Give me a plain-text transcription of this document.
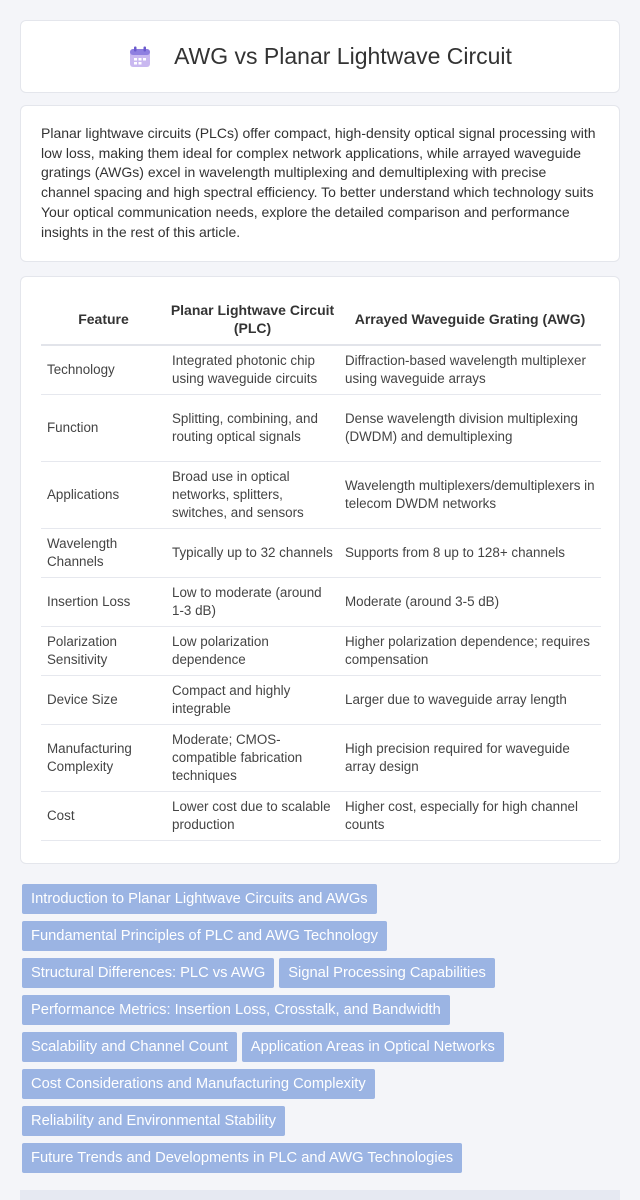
AWG vs Planar Lightwave Circuit

Planar lightwave circuits (PLCs) offer compact, high-density optical signal processing with low loss, making them ideal for complex network applications, while arrayed waveguide gratings (AWGs) excel in wavelength multiplexing and demultiplexing with precise channel spacing and high spectral efficiency. To better understand which technology suits Your optical communication needs, explore the detailed comparison and performance insights in the rest of this article.

Feature	Planar Lightwave Circuit (PLC)	Arrayed Waveguide Grating (AWG)
Technology	Integrated photonic chip using waveguide circuits	Diffraction-based wavelength multiplexer using waveguide arrays
Function	Splitting, combining, and routing optical signals	Dense wavelength division multiplexing (DWDM) and demultiplexing
Applications	Broad use in optical networks, splitters, switches, and sensors	Wavelength multiplexers/demultiplexers in telecom DWDM networks
Wavelength Channels	Typically up to 32 channels	Supports from 8 up to 128+ channels
Insertion Loss	Low to moderate (around 1-3 dB)	Moderate (around 3-5 dB)
Polarization Sensitivity	Low polarization dependence	Higher polarization dependence; requires compensation
Device Size	Compact and highly integrable	Larger due to waveguide array length
Manufacturing Complexity	Moderate; CMOS-compatible fabrication techniques	High precision required for waveguide array design
Cost	Lower cost due to scalable production	Higher cost, especially for high channel counts
Introduction to Planar Lightwave Circuits and AWGs
Fundamental Principles of PLC and AWG Technology
Structural Differences: PLC vs AWG Signal Processing Capabilities
Performance Metrics: Insertion Loss, Crosstalk, and Bandwidth
Scalability and Channel Count Application Areas in Optical Networks
Cost Considerations and Manufacturing Complexity
Reliability and Environmental Stability
Future Trends and Developments in PLC and AWG Technologies
